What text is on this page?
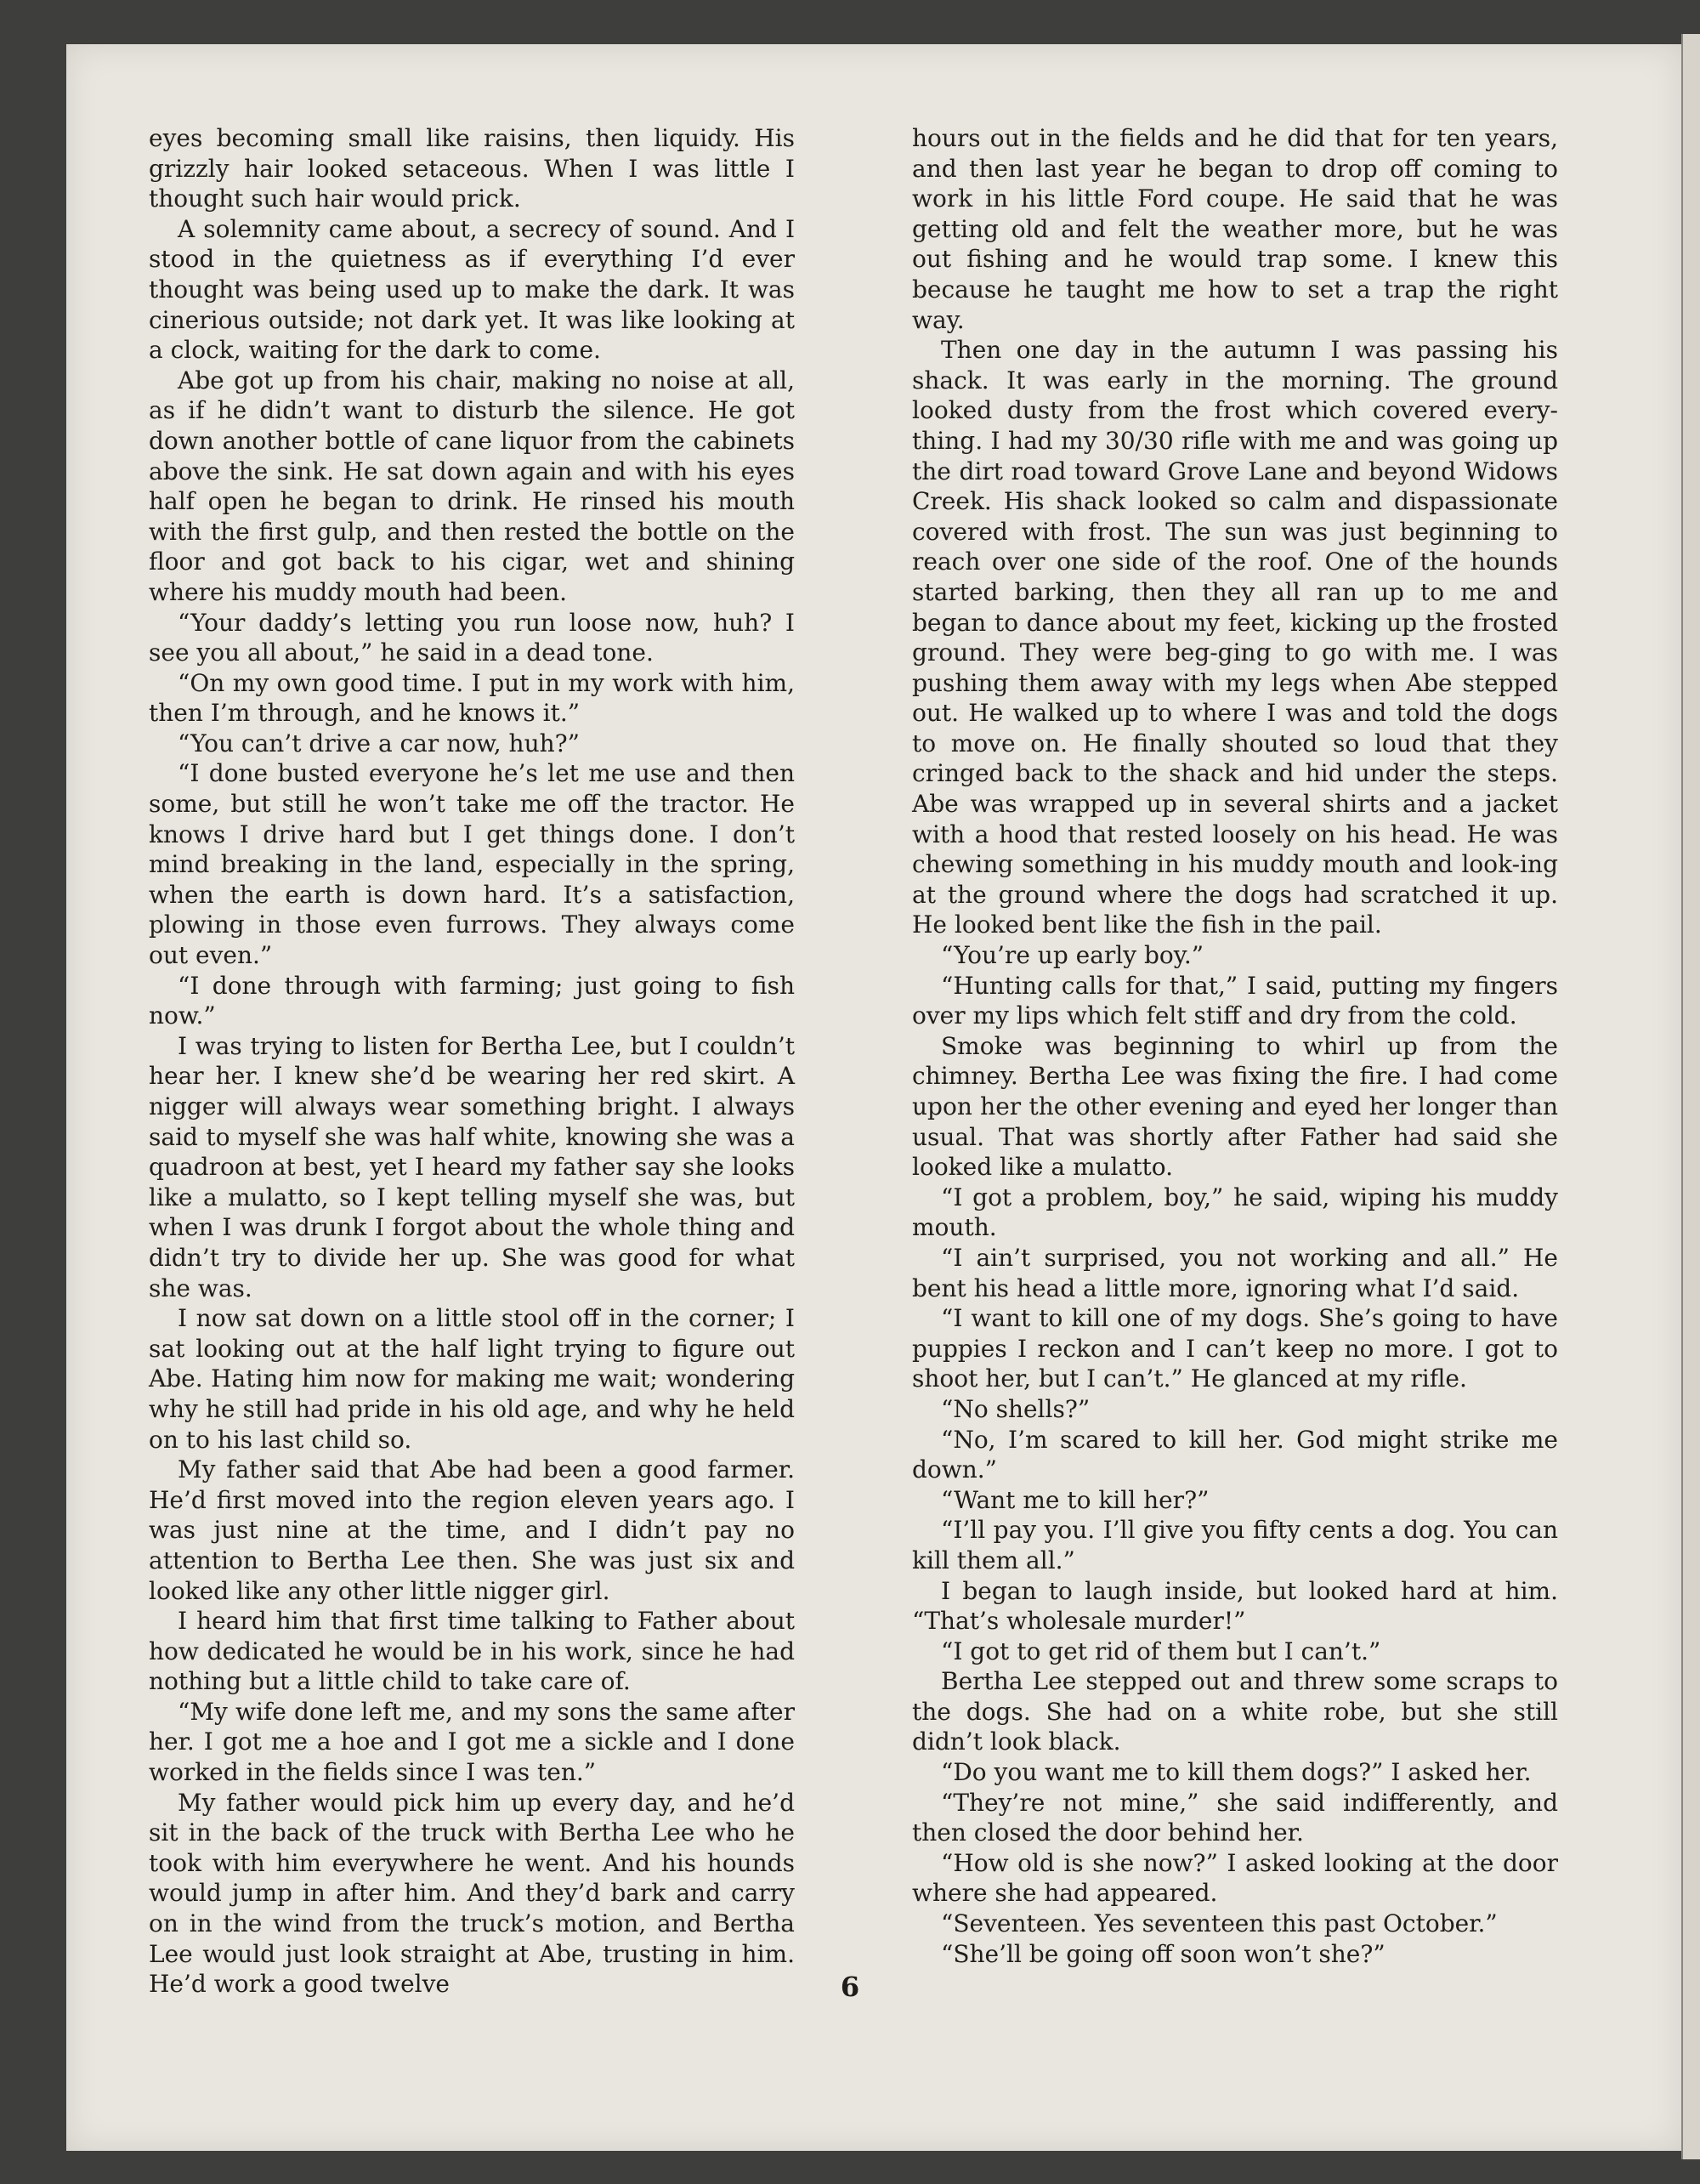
eyes becoming small like raisins, then liquidy. His grizzly hair looked setaceous. When I was little I thought such hair would prick.

A solemnity came about, a secrecy of sound. And I stood in the quietness as if everything I’d ever thought was being used up to make the dark. It was cinerious outside; not dark yet. It was like looking at a clock, waiting for the dark to come.

Abe got up from his chair, making no noise at all, as if he didn’t want to disturb the silence. He got down another bottle of cane liquor from the cabinets above the sink. He sat down again and with his eyes half open he began to drink. He rinsed his mouth with the first gulp, and then rested the bottle on the floor and got back to his cigar, wet and shining where his muddy mouth had been.

“Your daddy’s letting you run loose now, huh? I see you all about,” he said in a dead tone.

“On my own good time. I put in my work with him, then I’m through, and he knows it.”

“You can’t drive a car now, huh?”

“I done busted everyone he’s let me use and then some, but still he won’t take me off the tractor. He knows I drive hard but I get things done. I don’t mind breaking in the land, especially in the spring, when the earth is down hard. It’s a satisfaction, plowing in those even furrows. They always come out even.”

“I done through with farming; just going to fish now.”

I was trying to listen for Bertha Lee, but I couldn’t hear her. I knew she’d be wearing her red skirt. A nigger will always wear something bright. I always said to myself she was half white, knowing she was a quadroon at best, yet I heard my father say she looks like a mulatto, so I kept telling myself she was, but when I was drunk I forgot about the whole thing and didn’t try to divide her up. She was good for what she was.

I now sat down on a little stool off in the corner; I sat looking out at the half light trying to figure out Abe. Hating him now for making me wait; wondering why he still had pride in his old age, and why he held on to his last child so.

My father said that Abe had been a good farmer. He’d first moved into the region eleven years ago. I was just nine at the time, and I didn’t pay no attention to Bertha Lee then. She was just six and looked like any other little nigger girl.

I heard him that first time talking to Father about how dedicated he would be in his work, since he had nothing but a little child to take care of.

“My wife done left me, and my sons the same after her. I got me a hoe and I got me a sickle and I done worked in the fields since I was ten.”

My father would pick him up every day, and he’d sit in the back of the truck with Bertha Lee who he took with him everywhere he went. And his hounds would jump in after him. And they’d bark and carry on in the wind from the truck’s motion, and Bertha Lee would just look straight at Abe, trusting in him. He’d work a good twelve

hours out in the fields and he did that for ten years, and then last year he began to drop off coming to work in his little Ford coupe. He said that he was getting old and felt the weather more, but he was out fishing and he would trap some. I knew this because he taught me how to set a trap the right way.

Then one day in the autumn I was passing his shack. It was early in the morning. The ground looked dusty from the frost which covered every-thing. I had my 30/30 rifle with me and was going up the dirt road toward Grove Lane and beyond Widows Creek. His shack looked so calm and dispassionate covered with frost. The sun was just beginning to reach over one side of the roof. One of the hounds started barking, then they all ran up to me and began to dance about my feet, kicking up the frosted ground. They were beg-ging to go with me. I was pushing them away with my legs when Abe stepped out. He walked up to where I was and told the dogs to move on. He finally shouted so loud that they cringed back to the shack and hid under the steps. Abe was wrapped up in several shirts and a jacket with a hood that rested loosely on his head. He was chewing something in his muddy mouth and look-ing at the ground where the dogs had scratched it up. He looked bent like the fish in the pail.

“You’re up early boy.”

“Hunting calls for that,” I said, putting my fingers over my lips which felt stiff and dry from the cold.

Smoke was beginning to whirl up from the chimney. Bertha Lee was fixing the fire. I had come upon her the other evening and eyed her longer than usual. That was shortly after Father had said she looked like a mulatto.

“I got a problem, boy,” he said, wiping his muddy mouth.

“I ain’t surprised, you not working and all.” He bent his head a little more, ignoring what I’d said.

“I want to kill one of my dogs. She’s going to have puppies I reckon and I can’t keep no more. I got to shoot her, but I can’t.” He glanced at my rifle.

“No shells?”

“No, I’m scared to kill her. God might strike me down.”

“Want me to kill her?”

“I’ll pay you. I’ll give you fifty cents a dog. You can kill them all.”

I began to laugh inside, but looked hard at him. “That’s wholesale murder!”

“I got to get rid of them but I can’t.”

Bertha Lee stepped out and threw some scraps to the dogs. She had on a white robe, but she still didn’t look black.

“Do you want me to kill them dogs?” I asked her.

“They’re not mine,” she said indifferently, and then closed the door behind her.

“How old is she now?” I asked looking at the door where she had appeared.

“Seventeen. Yes seventeen this past October.”

“She’ll be going off soon won’t she?”

6
